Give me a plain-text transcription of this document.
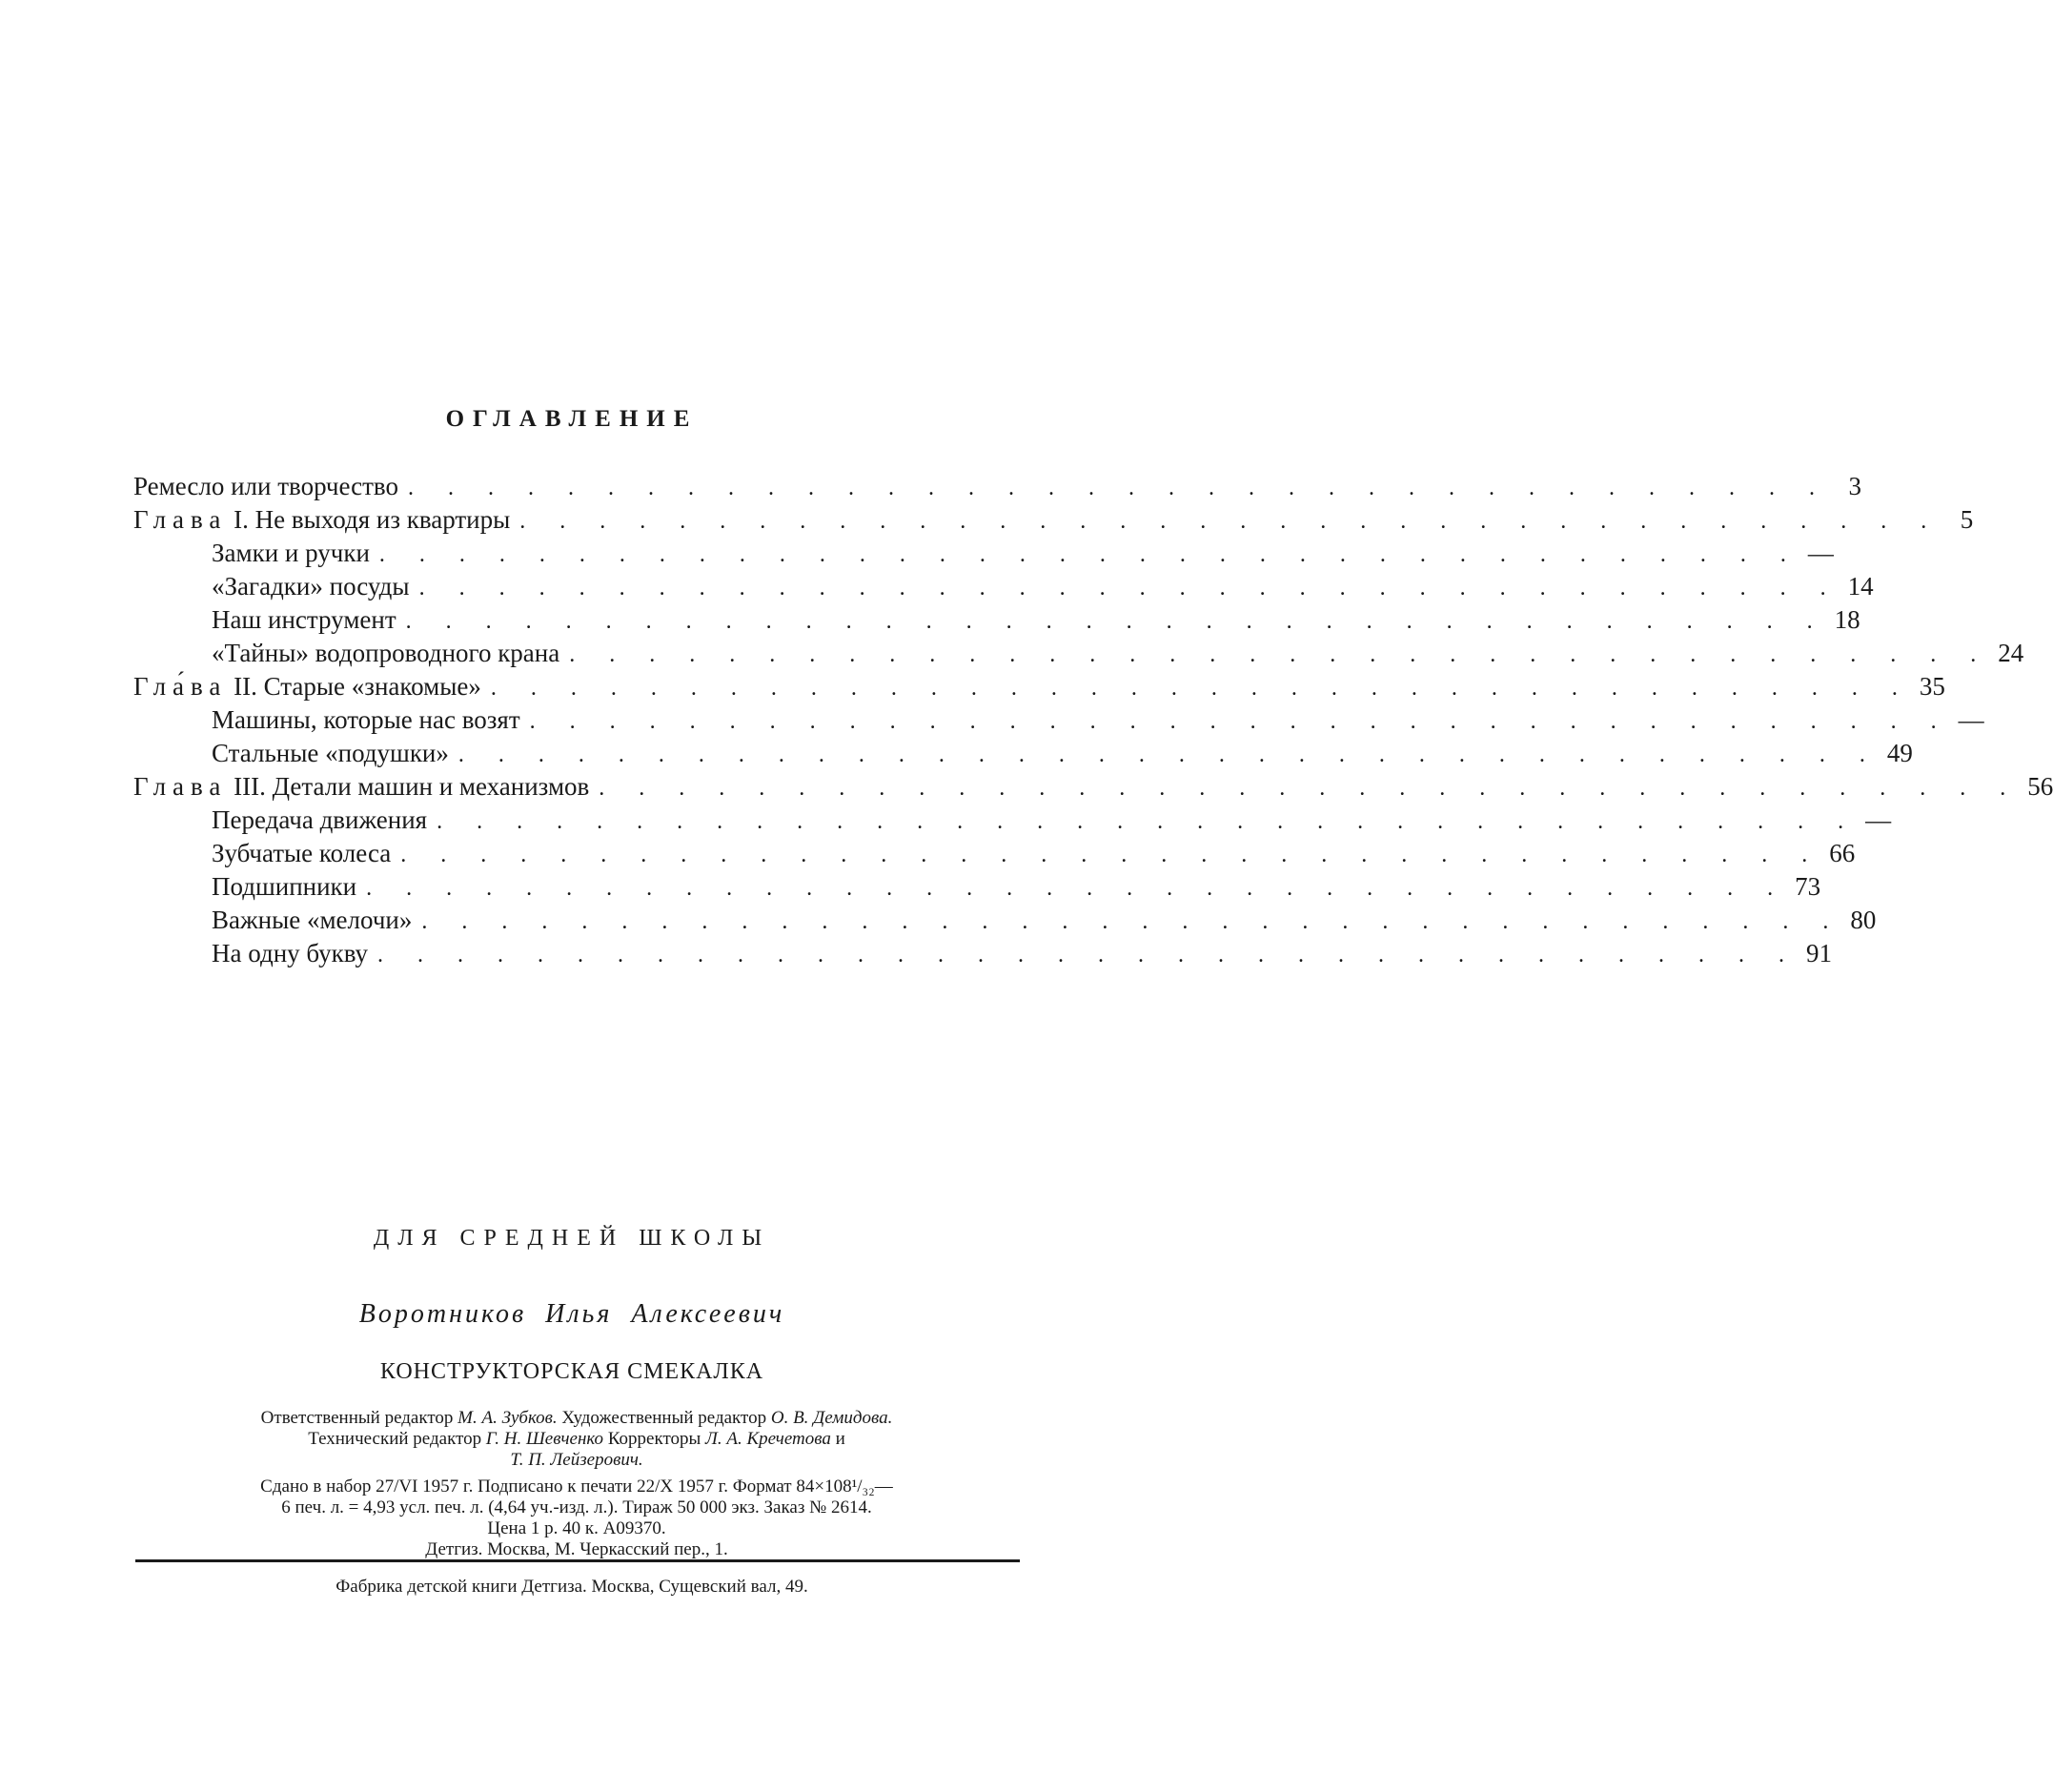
ОГЛАВЛЕНИЕ
Ремесло или творчество . . . . . . . . . . . . . . . . . . . . . . . . . . . . . . . . . . . . 3
Глава I. Не выходя из квартиры . . . . . . . . . . . . . . . . . . . . . . . . . . . . . . . . . . . . 5
Замки и ручки . . . . . . . . . . . . . . . . . . . . . . . . . . . . . . . . . . . . —
«Загадки» посуды . . . . . . . . . . . . . . . . . . . . . . . . . . . . . . . . . . . . 14
Наш инструмент . . . . . . . . . . . . . . . . . . . . . . . . . . . . . . . . . . . . 18
«Тайны» водопроводного крана . . . . . . . . . . . . . . . . . . . . . . . . . . . . . . . . . . . . 24
Гла́ва II. Старые «знакомые» . . . . . . . . . . . . . . . . . . . . . . . . . . . . . . . . . . . . 35
Машины, которые нас возят . . . . . . . . . . . . . . . . . . . . . . . . . . . . . . . . . . . . —
Стальные «подушки» . . . . . . . . . . . . . . . . . . . . . . . . . . . . . . . . . . . . 49
Глава III. Детали машин и механизмов . . . . . . . . . . . . . . . . . . . . . . . . . . . . . . . . . . . . 56
Передача движения . . . . . . . . . . . . . . . . . . . . . . . . . . . . . . . . . . . . —
Зубчатые колеса . . . . . . . . . . . . . . . . . . . . . . . . . . . . . . . . . . . . 66
Подшипники . . . . . . . . . . . . . . . . . . . . . . . . . . . . . . . . . . . . 73
Важные «мелочи» . . . . . . . . . . . . . . . . . . . . . . . . . . . . . . . . . . . . 80
На одну букву . . . . . . . . . . . . . . . . . . . . . . . . . . . . . . . . . . . . 91
ДЛЯ СРЕДНЕЙ ШКОЛЫ
Воротников Илья Алексеевич
КОНСТРУКТОРСКАЯ СМЕКАЛКА
Ответственный редактор М. А. Зубков. Художественный редактор О. В. Демидова.
Технический редактор Г. Н. Шевченко Корректоры Л. А. Кречетова и
Т. П. Лейзерович.
Сдано в набор 27/VI 1957 г. Подписано к печати 22/X 1957 г. Формат 84×108¹/₃₂—
6 печ. л. = 4,93 усл. печ. л. (4,64 уч.-изд. л.). Тираж 50 000 экз. Заказ № 2614.
Цена 1 р. 40 к. А09370.
Детгиз. Москва, М. Черкасский пер., 1.
Фабрика детской книги Детгиза. Москва, Сущевский вал, 49.
